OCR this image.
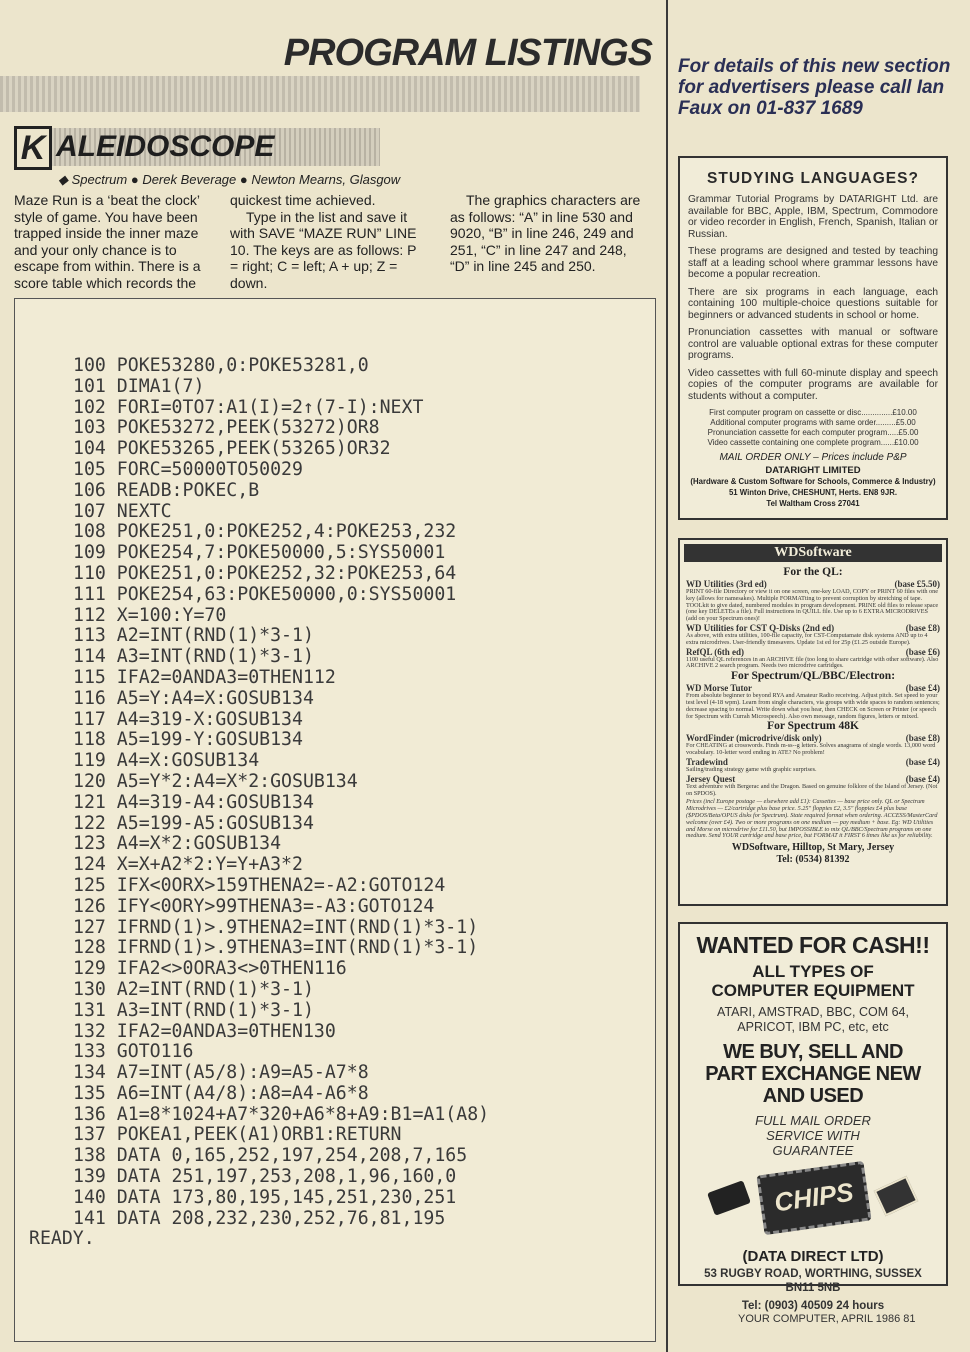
PROGRAM LISTINGS
K ALEIDOSCOPE
◆ Spectrum ● Derek Beverage ● Newton Mearns, Glasgow

Maze Run is a ‘beat the clock’ style of game. You have been trapped inside the inner maze and your only chance is to escape from within. There is a score table which records the

quickest time achieved.

Type in the list and save it with SAVE “MAZE RUN” LINE 10. The keys are as follows: P = right; C = left; A + up; Z = down.

The graphics characters are as follows: “A” in line 530 and 9020, “B” in line 246, 249 and 251, “C” in line 247 and 248, “D” in line 245 and 250.

100 POKE53280,0:POKE53281,0
101 DIMA1(7)
102 FORI=0TO7:A1(I)=2↑(7-I):NEXT
103 POKE53272,PEEK(53272)OR8
104 POKE53265,PEEK(53265)OR32
105 FORC=50000TO50029
106 READB:POKEC,B
107 NEXTC
108 POKE251,0:POKE252,4:POKE253,232
109 POKE254,7:POKE50000,5:SYS50001
110 POKE251,0:POKE252,32:POKE253,64
111 POKE254,63:POKE50000,0:SYS50001
112 X=100:Y=70
113 A2=INT(RND(1)*3-1)
114 A3=INT(RND(1)*3-1)
115 IFA2=0ANDA3=0THEN112
116 A5=Y:A4=X:GOSUB134
117 A4=319-X:GOSUB134
118 A5=199-Y:GOSUB134
119 A4=X:GOSUB134
120 A5=Y*2:A4=X*2:GOSUB134
121 A4=319-A4:GOSUB134
122 A5=199-A5:GOSUB134
123 A4=X*2:GOSUB134
124 X=X+A2*2:Y=Y+A3*2
125 IFX<0ORX>159THENA2=-A2:GOTO124
126 IFY<0ORY>99THENA3=-A3:GOTO124
127 IFRND(1)>.9THENA2=INT(RND(1)*3-1)
128 IFRND(1)>.9THENA3=INT(RND(1)*3-1)
129 IFA2<>0ORA3<>0THEN116
130 A2=INT(RND(1)*3-1)
131 A3=INT(RND(1)*3-1)
132 IFA2=0ANDA3=0THEN130
133 GOTO116
134 A7=INT(A5/8):A9=A5-A7*8
135 A6=INT(A4/8):A8=A4-A6*8
136 A1=8*1024+A7*320+A6*8+A9:B1=A1(A8)
137 POKEA1,PEEK(A1)ORB1:RETURN
138 DATA 0,165,252,197,254,208,7,165
139 DATA 251,197,253,208,1,96,160,0
140 DATA 173,80,195,145,251,230,251
141 DATA 208,232,230,252,76,81,195
READY.
For details of this new section for advertisers please call Ian Faux on 01-837 1689
STUDYING LANGUAGES?

Grammar Tutorial Programs by DATARIGHT Ltd. are available for BBC, Apple, IBM, Spectrum, Commodore or video recorder in English, French, Spanish, Italian or Russian.

These programs are designed and tested by teaching staff at a leading school where grammar lessons have become a popular recreation.

There are six programs in each language, each containing 100 multiple-choice questions suitable for beginners or advanced students in school or home.

Pronunciation cassettes with manual or software control are valuable optional extras for these computer programs.

Video cassettes with full 60-minute display and speech copies of the computer programs are available for students without a computer.

First computer program on cassette or disc..............£10.00
Additional computer programs with same order.........£5.00
Pronunciation cassette for each computer program.....£5.00
Video cassette containing one complete program......£10.00
MAIL ORDER ONLY – Prices include P&P
DATARIGHT LIMITED
(Hardware & Custom Software for Schools, Commerce & Industry)
51 Winton Drive, CHESHUNT, Herts. EN8 9JR.
Tel Waltham Cross 27041
WDSoftware
For the QL:
WD Utilities (3rd ed)	(base £5.50)
PRINT 60-file Directory or view it on one screen, one-key LOAD, COPY or PRINT 60 files with one key (allows for namesakes). Multiple FORMATting to prevent corruption by stretching of tape. TOOLkit to give dated, numbered modules in program development. PRINE old files to release space (one key DELETEs a file). Full instructions in QUILL file. Use up to 6 EXTRA MICRODRIVES (add on your Spectrum ones)!
WD Utilities for CST Q-Disks (2nd ed)	(base £8)
As above, with extra utilities, 100-file capacity, for CST-Computamate disk systems AND up to 4 extra microdrives. User-friendly timesavers. Update 1st ed for 25p (£1.25 outside Europe).
RefQL (6th ed)	(base £6)
1100 useful QL references in an ARCHIVE file (too long to share cartridge with other software). Also ARCHIVE 2 search program. Needs two microdrive cartridges.
For Spectrum/QL/BBC/Electron:
WD Morse Tutor	(base £4)
From absolute beginner to beyond RYA and Amateur Radio receiving. Adjust pitch. Set speed to your test level (4-18 wpm). Learn from single characters, via groups with wide spaces to random sentences; decrease spacing to normal. Write down what you hear, then CHECK on Screen or Printer (or speech for Spectrum with Currah Microspeech). Also own message, random figures, letters or mixed.
For Spectrum 48K
WordFinder (microdrive/disk only)	(base £8)
For CHEATING at crosswords. Finds m-ss--g letters. Solves anagrams of single words. 13,000 word vocabulary. 10-letter word ending in ATE? No problem!
Tradewind	(base £4)
Sailing/trading strategy game with graphic surprises.
Jersey Quest	(base £4)
Text adventure with Bergerac and the Dragon. Based on genuine folklore of the Island of Jersey. (Not on SPDOS).
Prices (incl Europe postage — elsewhere add £1): Cassettes — base price only. QL or Spectrum Microdrives — £2/cartridge plus base price. 5.25" floppies £2, 3.5" floppies £4 plus base ($PDOS/Beta/OPUS disks for Spectrum). State required format when ordering. ACCESS/MasterCard welcome (over £4). Two or more programs on one medium — pay medium + base. Eg: WD Utilities and Morse on microdrive for £11.50, but IMPOSSIBLE to mix QL/BBC/Spectrum programs on one medium. Send YOUR cartridge and base price, but FORMAT it FIRST 6 times like us for reliability.
WDSoftware, Hilltop, St Mary, Jersey
Tel: (0534) 81392
WANTED FOR CASH!!
ALL TYPES OF COMPUTER EQUIPMENT
ATARI, AMSTRAD, BBC, COM 64, APRICOT, IBM PC, etc, etc
WE BUY, SELL AND PART EXCHANGE NEW AND USED
FULL MAIL ORDER SERVICE WITH GUARANTEE
CHIPS
(DATA DIRECT LTD)
53 RUGBY ROAD, WORTHING, SUSSEX
BN11 5NB
Tel: (0903) 40509 24 hours
YOUR COMPUTER, APRIL 1986 81
